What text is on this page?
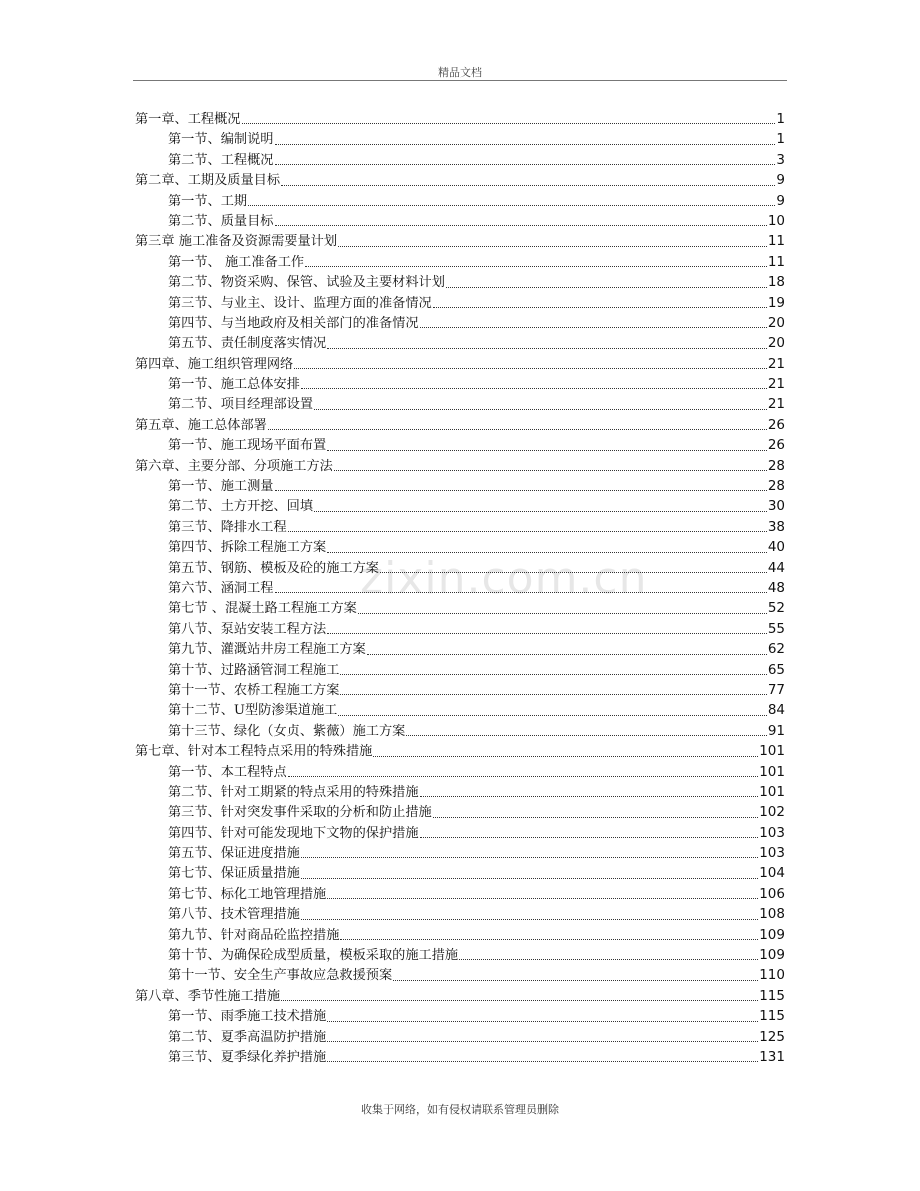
精品文档
zixin.com.cn
第一章、工程概况	1
第一节、编制说明	1
第二节、工程概况	3
第二章、工期及质量目标	9
第一节、工期	9
第二节、质量目标	10
第三章 施工准备及资源需要量计划	11
第一节、 施工准备工作	11
第二节、物资采购、保管、试验及主要材料计划	18
第三节、与业主、设计、监理方面的准备情况	19
第四节、与当地政府及相关部门的准备情况	20
第五节、责任制度落实情况	20
第四章、施工组织管理网络	21
第一节、施工总体安排	21
第二节、项目经理部设置	21
第五章、施工总体部署	26
第一节、施工现场平面布置	26
第六章、主要分部、分项施工方法	28
第一节、施工测量	28
第二节、土方开挖、回填	30
第三节、降排水工程	38
第四节、拆除工程施工方案	40
第五节、钢筋、模板及砼的施工方案	44
第六节、涵洞工程	48
第七节 、混凝土路工程施工方案	52
第八节、泵站安装工程方法	55
第九节、灌溉站井房工程施工方案	62
第十节、过路涵管洞工程施工	65
第十一节、农桥工程施工方案	77
第十二节、U型防渗渠道施工	84
第十三节、绿化（女贞、紫薇）施工方案	91
第七章、针对本工程特点采用的特殊措施	101
第一节、本工程特点	101
第二节、针对工期紧的特点采用的特殊措施	101
第三节、针对突发事件采取的分析和防止措施	102
第四节、针对可能发现地下文物的保护措施	103
第五节、保证进度措施	103
第七节、保证质量措施	104
第七节、标化工地管理措施	106
第八节、技术管理措施	108
第九节、针对商品砼监控措施	109
第十节、为确保砼成型质量，模板采取的施工措施	109
第十一节、安全生产事故应急救援预案	110
第八章、季节性施工措施	115
第一节、雨季施工技术措施	115
第二节、夏季高温防护措施	125
第三节、夏季绿化养护措施	131
收集于网络，如有侵权请联系管理员删除
